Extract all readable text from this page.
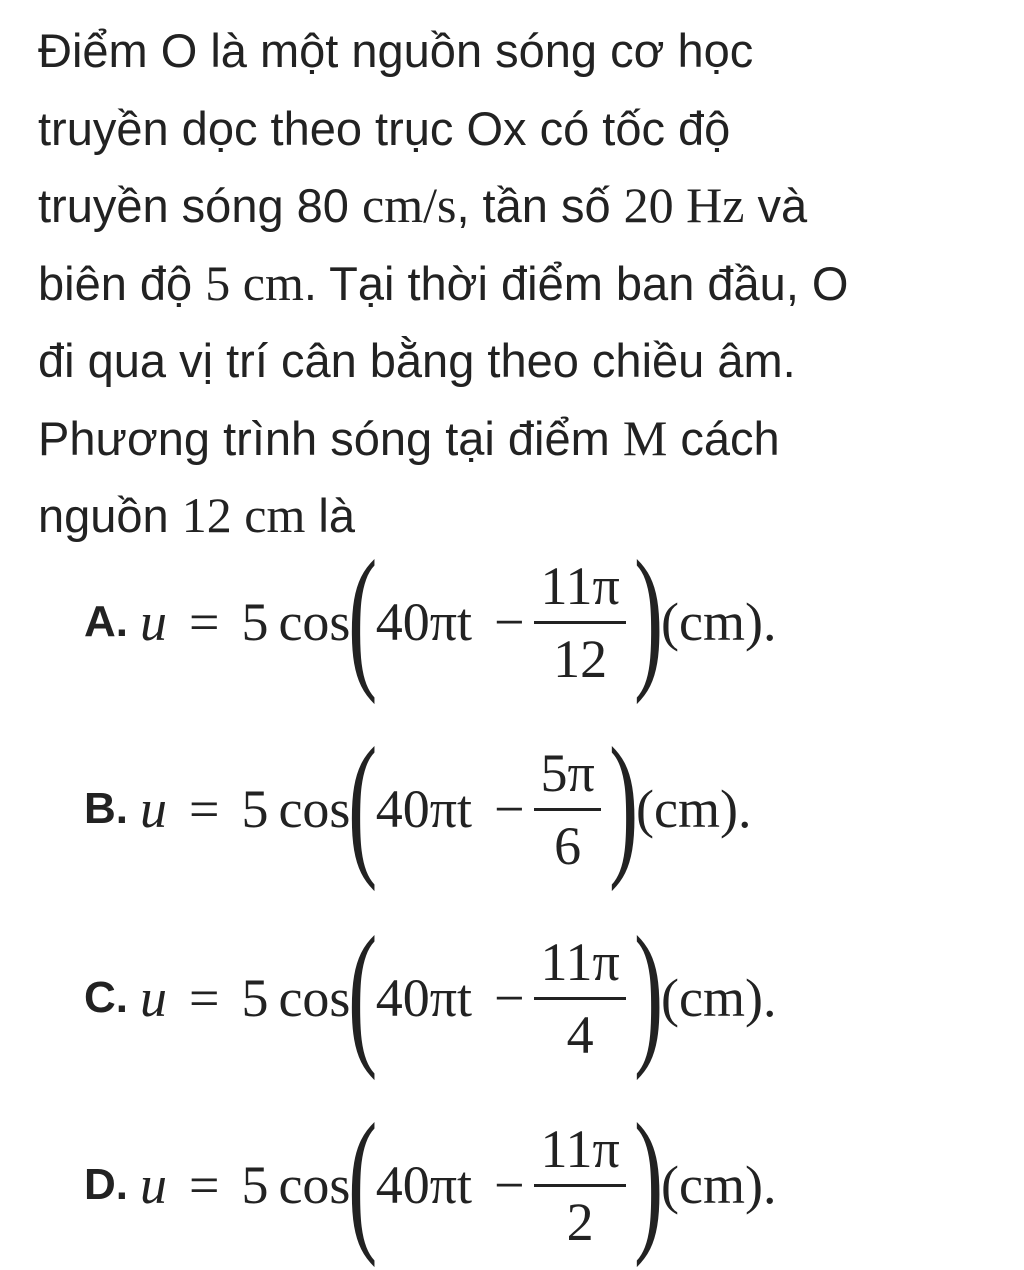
Điểm O là một nguồn sóng cơ học
truyền dọc theo trục Ox có tốc độ
truyền sóng 80 cm/s, tần số 20 Hz và
biên độ 5 cm. Tại thời điểm ban đầu, O
đi qua vị trí cân bằng theo chiều âm.
Phương trình sóng tại điểm M cách
nguồn 12 cm là
A. u = 5 cos
(
$40\pi t - \frac{11\pi}{12}$ )
(cm).
B. u = 5 cos
(
$40\pi t - \frac{5\pi}{6}$ )
(cm).
C. u = 5 cos
(
$40\pi t - \frac{11\pi}{4}$ )
(cm).
D. u = 5 cos
(
$40\pi t - \frac{11\pi}{2}$ )
(cm).
